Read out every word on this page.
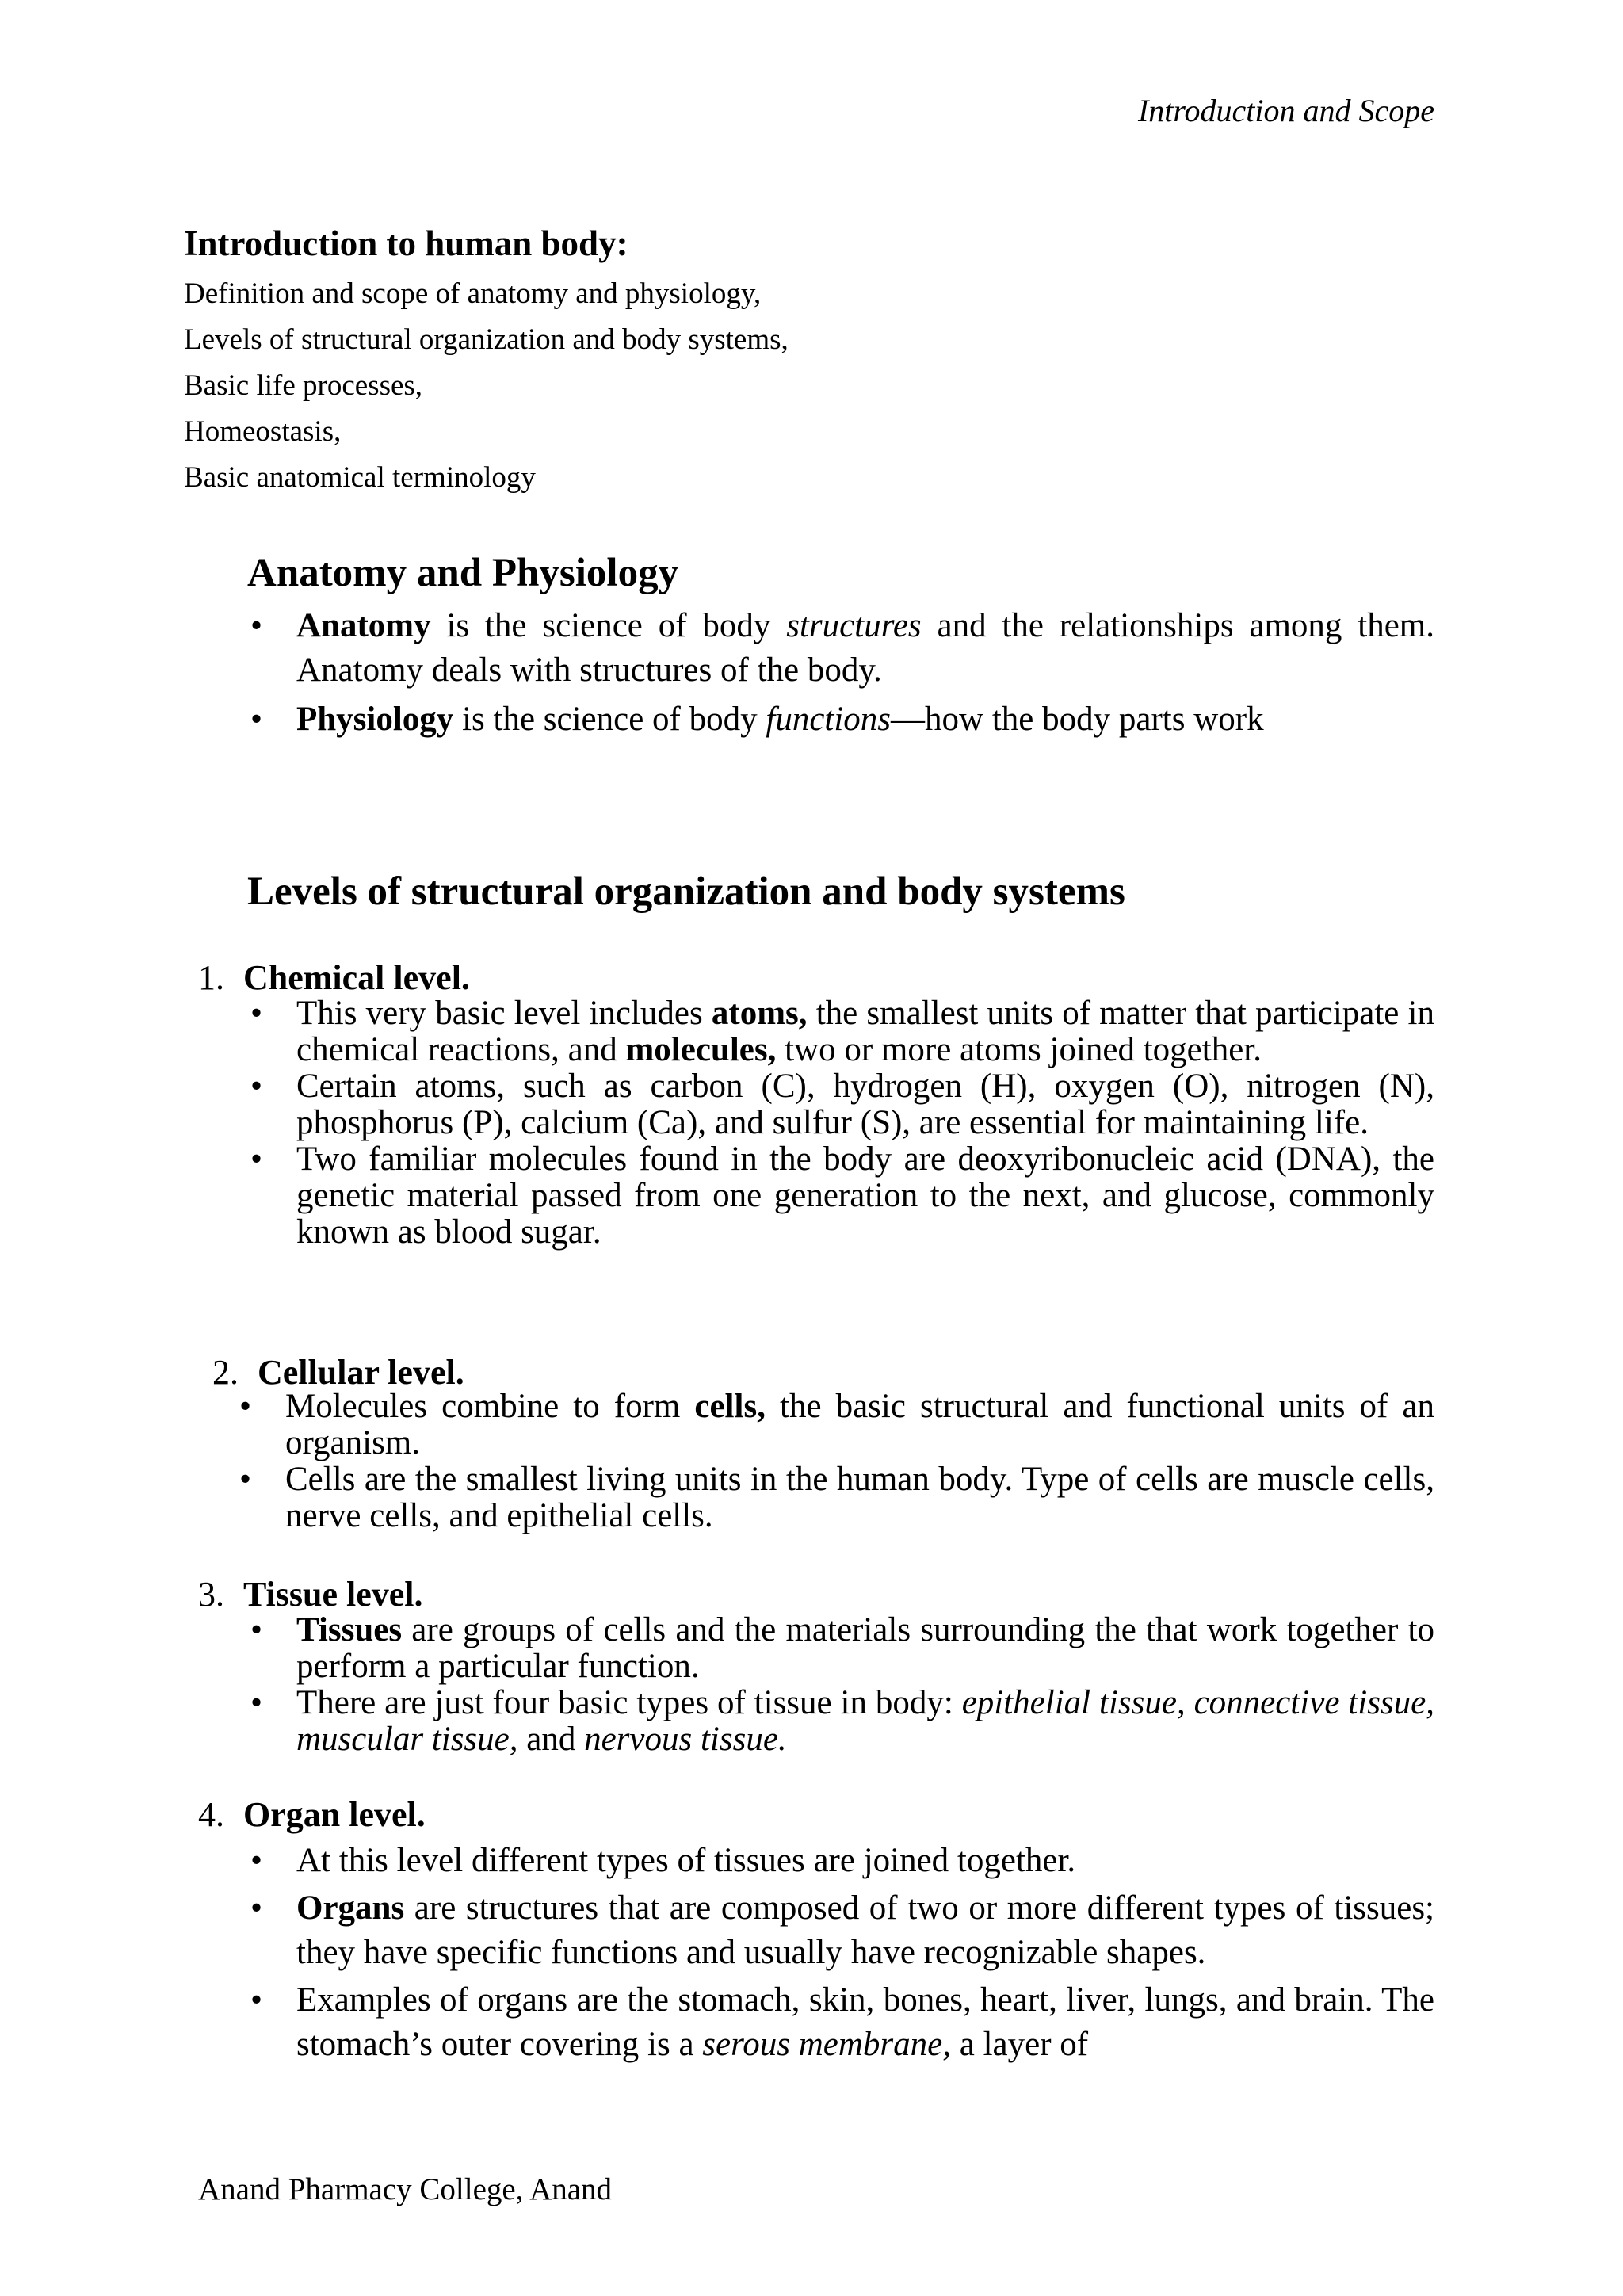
Introduction and Scope

Introduction to human body:

Definition and scope of anatomy and physiology,

Levels of structural organization and body systems,

Basic life processes,

Homeostasis,

Basic anatomical terminology

Anatomy and Physiology
• Anatomy is the science of body structures and the relationships among them. Anatomy deals with structures of the body.
• Physiology is the science of body functions—how the body parts work
Levels of structural organization and body systems
1. Chemical level.
• This very basic level includes atoms, the smallest units of matter that participate in chemical reactions, and molecules, two or more atoms joined together.
• Certain atoms, such as carbon (C), hydrogen (H), oxygen (O), nitrogen (N), phosphorus (P), calcium (Ca), and sulfur (S), are essential for maintaining life.
• Two familiar molecules found in the body are deoxyribonucleic acid (DNA), the genetic material passed from one generation to the next, and glucose, commonly known as blood sugar.
2. Cellular level.
• Molecules combine to form cells, the basic structural and functional units of an organism.
• Cells are the smallest living units in the human body. Type of cells are muscle cells, nerve cells, and epithelial cells.
3. Tissue level.
• Tissues are groups of cells and the materials surrounding the that work together to perform a particular function.
• There are just four basic types of tissue in body: epithelial tissue, connective tissue, muscular tissue, and nervous tissue.
4. Organ level.
• At this level different types of tissues are joined together.
• Organs are structures that are composed of two or more different types of tissues; they have specific functions and usually have recognizable shapes.
• Examples of organs are the stomach, skin, bones, heart, liver, lungs, and brain. The stomach’s outer covering is a serous membrane, a layer of
Anand Pharmacy College, Anand
